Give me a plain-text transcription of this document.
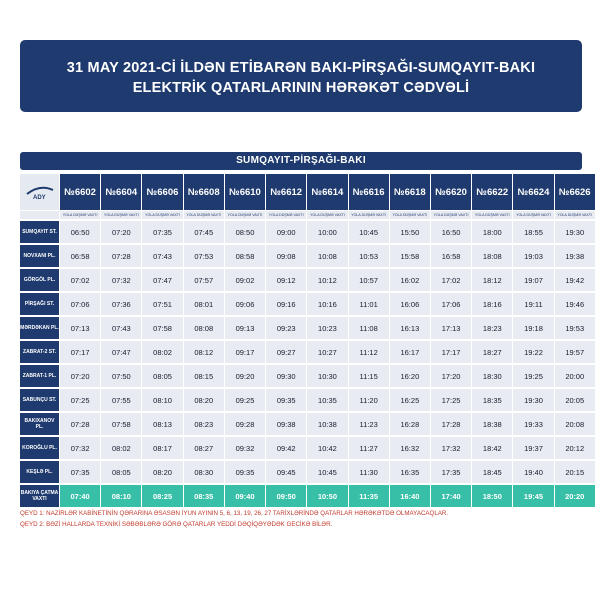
31 MAY 2021-Cİ İLDƏN ETİBARƏN BAKI-PİRŞAĞI-SUMQAYIT-BAKI
ELEKTRİK QATARLARININ HƏRƏKƏT CƏDVƏLİ
SUMQAYIT-PİRŞAĞI-BAKI
ADY
№6602 №6604 №6606 №6608 №6610 №6612 №6614 №6616 №6618 №6620 №6622 №6624 №6626
YOLA DÜŞMƏ VAXTI	YOLA DÜŞMƏ VAXTI	YOLA DÜŞMƏ VAXTI	YOLA DÜŞMƏ VAXTI	YOLA DÜŞMƏ VAXTI	YOLA DÜŞMƏ VAXTI	YOLA DÜŞMƏ VAXTI	YOLA DÜŞMƏ VAXTI	YOLA DÜŞMƏ VAXTI	YOLA DÜŞMƏ VAXTI	YOLA DÜŞMƏ VAXTI	YOLA DÜŞMƏ VAXTI	YOLA DÜŞMƏ VAXTI
SUMQAYIT ST.	06:50	07:20	07:35	07:45	08:50	09:00	10:00	10:45	15:50	16:50	18:00	18:55	19:30
NOVXANI PL.	06:58	07:28	07:43	07:53	08:58	09:08	10:08	10:53	15:58	16:58	18:08	19:03	19:38
GÖRGÖL PL.	07:02	07:32	07:47	07:57	09:02	09:12	10:12	10:57	16:02	17:02	18:12	19:07	19:42
PİRŞAĞI ST.	07:06	07:36	07:51	08:01	09:06	09:16	10:16	11:01	16:06	17:06	18:16	19:11	19:46
MƏRDƏKAN PL.	07:13	07:43	07:58	08:08	09:13	09:23	10:23	11:08	16:13	17:13	18:23	19:18	19:53
ZABRAT-2 ST.	07:17	07:47	08:02	08:12	09:17	09:27	10:27	11:12	16:17	17:17	18:27	19:22	19:57
ZABRAT-1 PL.	07:20	07:50	08:05	08:15	09:20	09:30	10:30	11:15	16:20	17:20	18:30	19:25	20:00
SABUNÇU ST.	07:25	07:55	08:10	08:20	09:25	09:35	10:35	11:20	16:25	17:25	18:35	19:30	20:05
BAKIXANOV PL.	07:28	07:58	08:13	08:23	09:28	09:38	10:38	11:23	16:28	17:28	18:38	19:33	20:08
KOROĞLU PL.	07:32	08:02	08:17	08:27	09:32	09:42	10:42	11:27	16:32	17:32	18:42	19:37	20:12
KEŞLƏ PL.	07:35	08:05	08:20	08:30	09:35	09:45	10:45	11:30	16:35	17:35	18:45	19:40	20:15
BAKIYA ÇATMA VAXTI	07:40	08:10	08:25	08:35	09:40	09:50	10:50	11:35	16:40	17:40	18:50	19:45	20:20
QEYD 1: NAZİRLƏR KABİNETİNİN QƏRARINA ƏSASƏN İYUN AYININ 5, 6, 13, 19, 26, 27 TARİXLƏRİNDƏ QATARLAR HƏRƏKƏTDƏ OLMAYACAQLAR.
QEYD 2: BƏZİ HALLARDA TEXNİKİ SƏBƏBLƏRƏ GÖRƏ QATARLAR YEDDİ DƏQİQƏYƏDƏK GECİKƏ BİLƏR.
